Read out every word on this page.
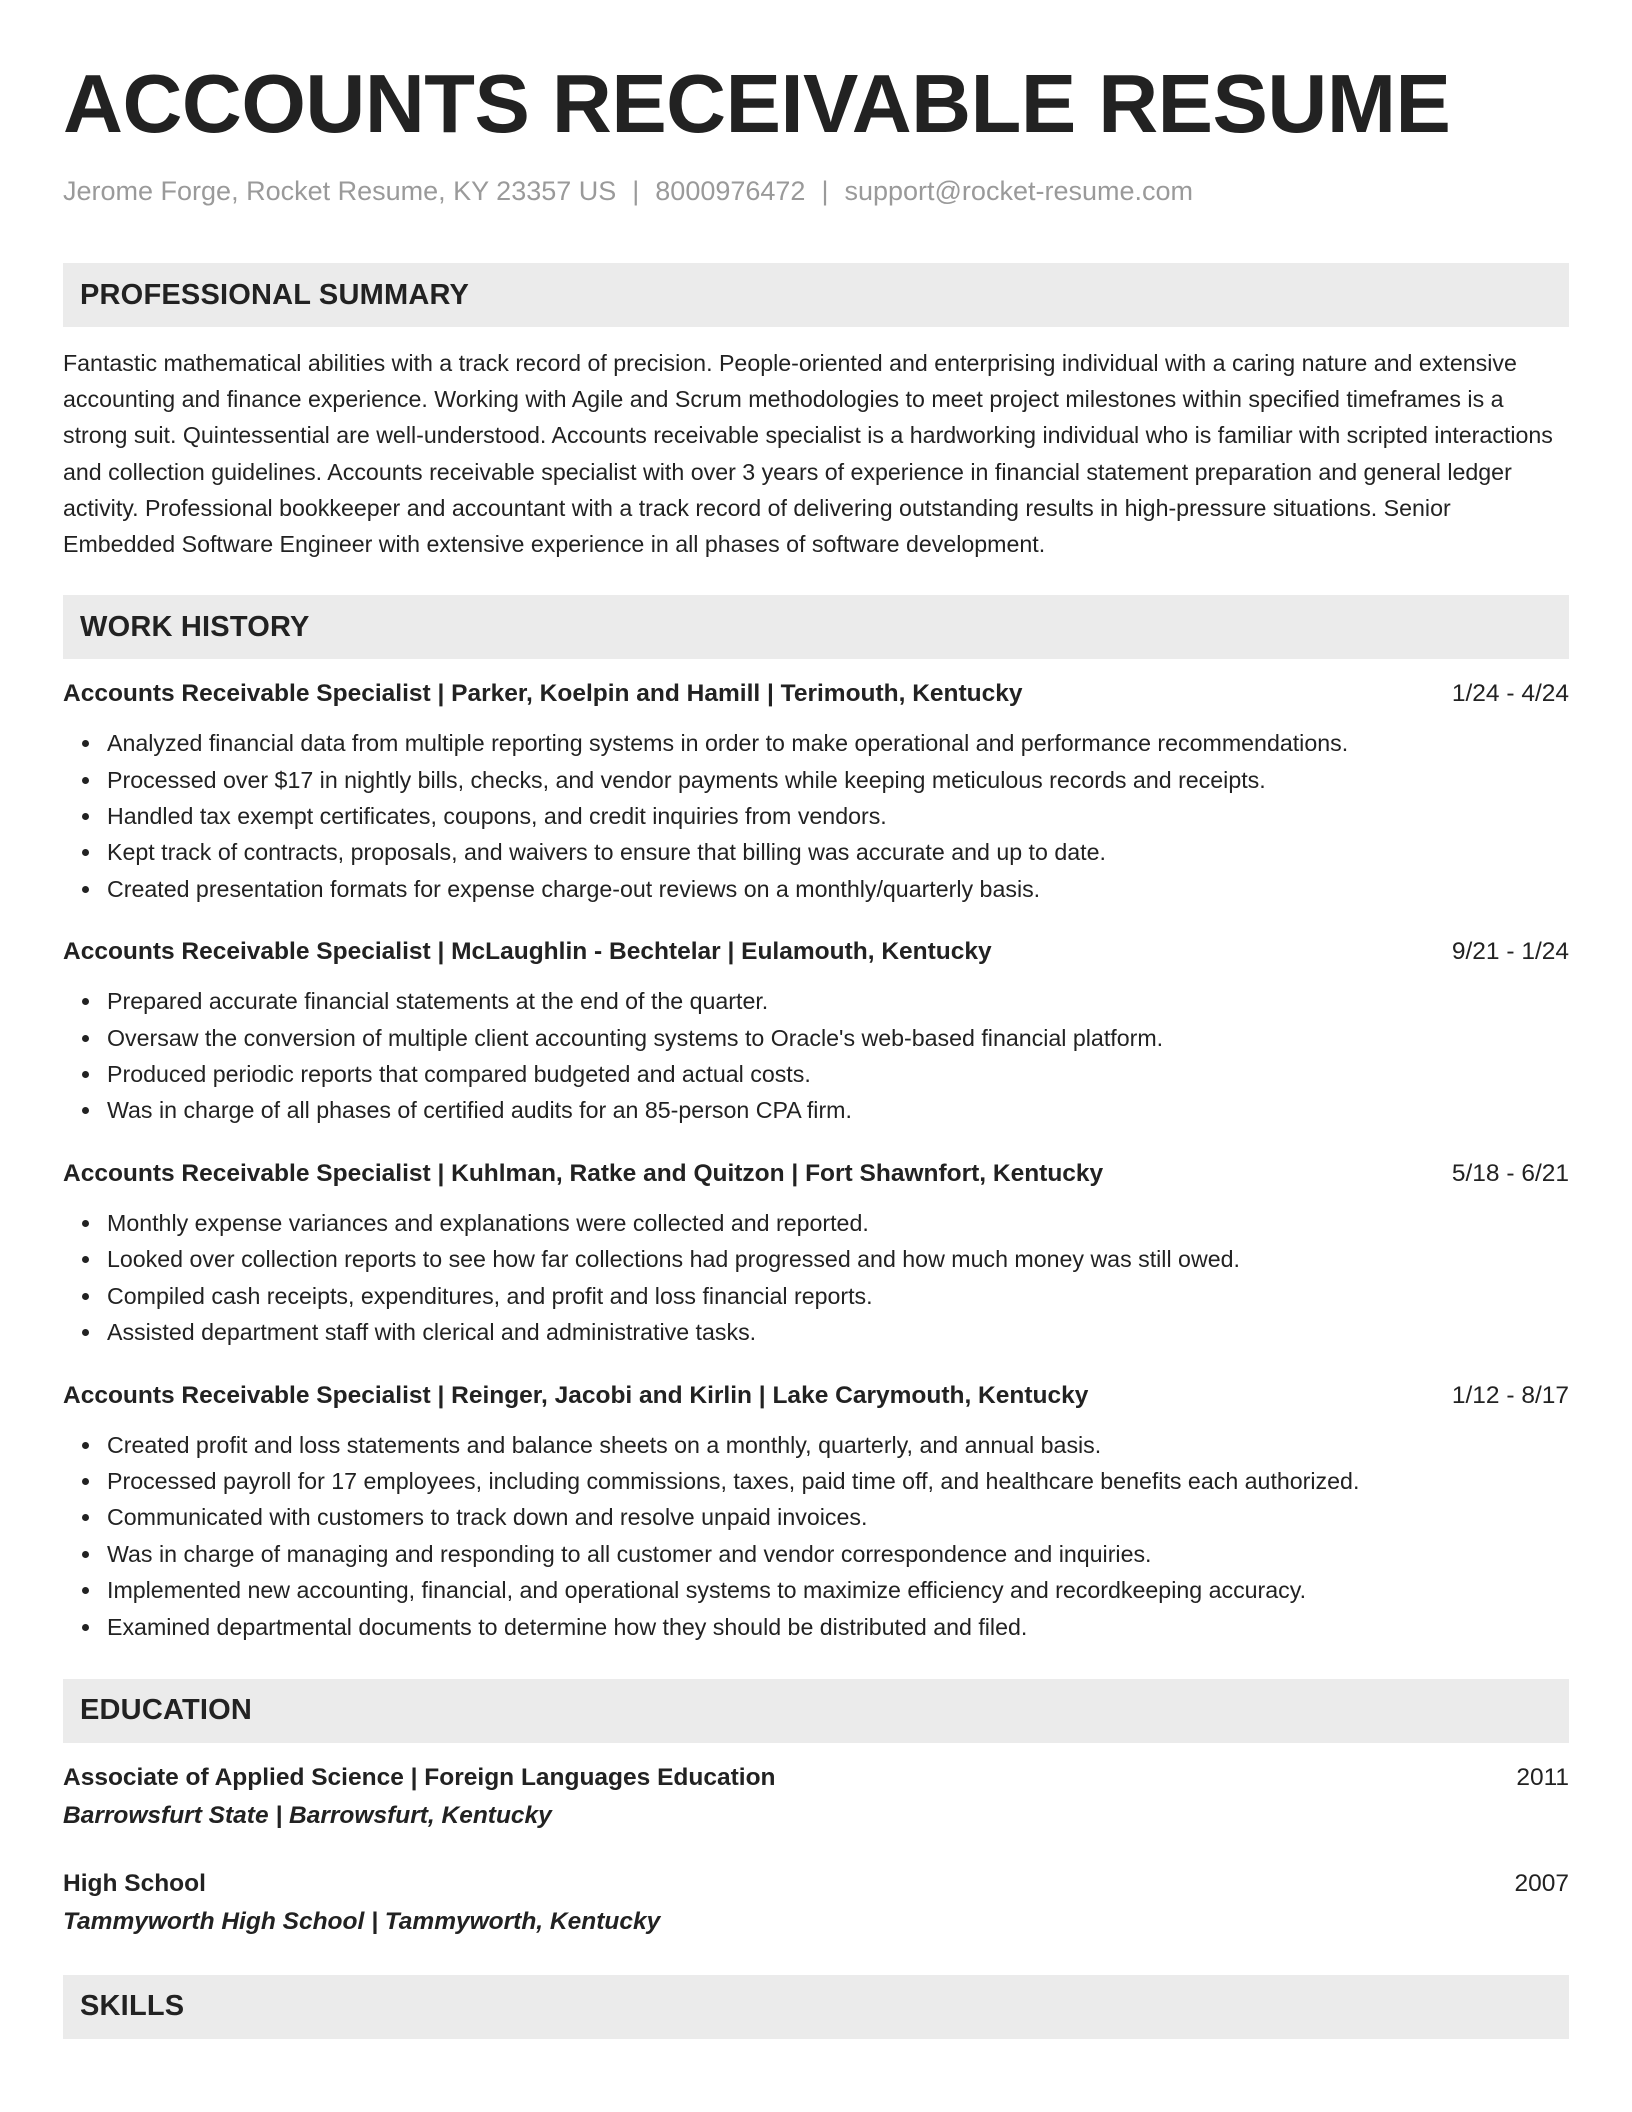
ACCOUNTS RECEIVABLE RESUME
Jerome Forge, Rocket Resume, KY 23357 US | 8000976472 | support@rocket-resume.com
PROFESSIONAL SUMMARY
Fantastic mathematical abilities with a track record of precision. People-oriented and enterprising individual with a caring nature and extensive accounting and finance experience. Working with Agile and Scrum methodologies to meet project milestones within specified timeframes is a strong suit. Quintessential are well-understood. Accounts receivable specialist is a hardworking individual who is familiar with scripted interactions and collection guidelines. Accounts receivable specialist with over 3 years of experience in financial statement preparation and general ledger activity. Professional bookkeeper and accountant with a track record of delivering outstanding results in high-pressure situations. Senior Embedded Software Engineer with extensive experience in all phases of software development.
WORK HISTORY
Accounts Receivable Specialist | Parker, Koelpin and Hamill | Terimouth, Kentucky	1/24 - 4/24
Analyzed financial data from multiple reporting systems in order to make operational and performance recommendations.
Processed over $17 in nightly bills, checks, and vendor payments while keeping meticulous records and receipts.
Handled tax exempt certificates, coupons, and credit inquiries from vendors.
Kept track of contracts, proposals, and waivers to ensure that billing was accurate and up to date.
Created presentation formats for expense charge-out reviews on a monthly/quarterly basis.
Accounts Receivable Specialist | McLaughlin - Bechtelar | Eulamouth, Kentucky	9/21 - 1/24
Prepared accurate financial statements at the end of the quarter.
Oversaw the conversion of multiple client accounting systems to Oracle's web-based financial platform.
Produced periodic reports that compared budgeted and actual costs.
Was in charge of all phases of certified audits for an 85-person CPA firm.
Accounts Receivable Specialist | Kuhlman, Ratke and Quitzon | Fort Shawnfort, Kentucky	5/18 - 6/21
Monthly expense variances and explanations were collected and reported.
Looked over collection reports to see how far collections had progressed and how much money was still owed.
Compiled cash receipts, expenditures, and profit and loss financial reports.
Assisted department staff with clerical and administrative tasks.
Accounts Receivable Specialist | Reinger, Jacobi and Kirlin | Lake Carymouth, Kentucky	1/12 - 8/17
Created profit and loss statements and balance sheets on a monthly, quarterly, and annual basis.
Processed payroll for 17 employees, including commissions, taxes, paid time off, and healthcare benefits each authorized.
Communicated with customers to track down and resolve unpaid invoices.
Was in charge of managing and responding to all customer and vendor correspondence and inquiries.
Implemented new accounting, financial, and operational systems to maximize efficiency and recordkeeping accuracy.
Examined departmental documents to determine how they should be distributed and filed.
EDUCATION
Associate of Applied Science | Foreign Languages Education	2011
Barrowsfurt State | Barrowsfurt, Kentucky
High School	2007
Tammyworth High School | Tammyworth, Kentucky
SKILLS
